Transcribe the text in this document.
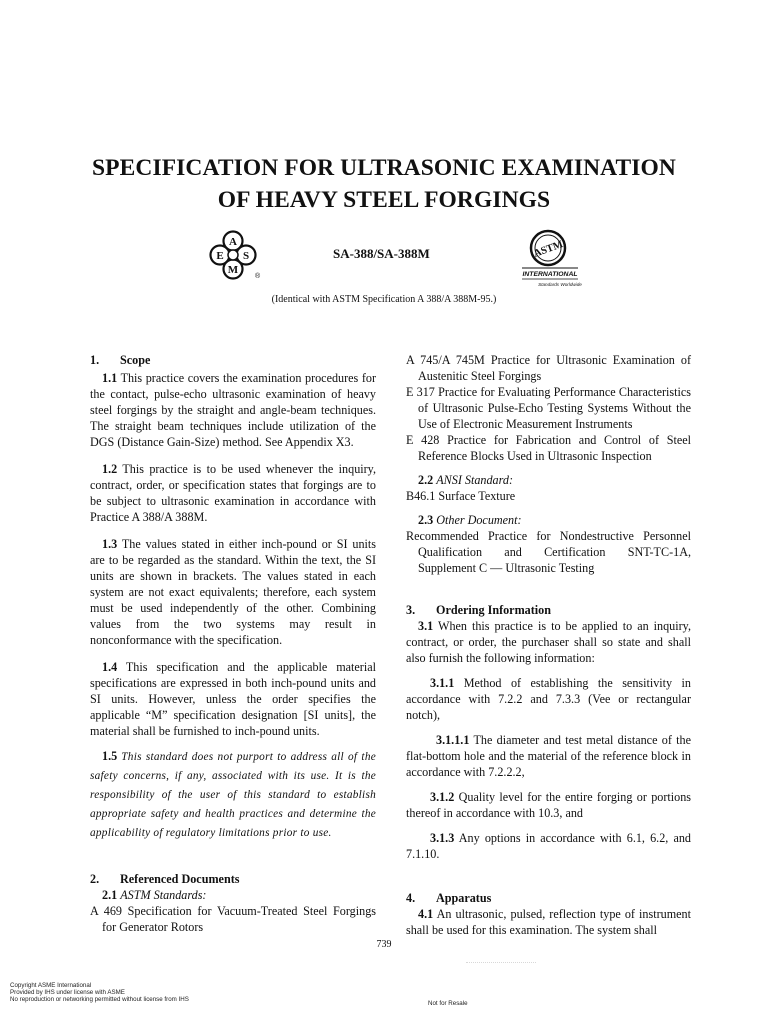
SPECIFICATION FOR ULTRASONIC EXAMINATION
OF HEAVY STEEL FORGINGS
A
E S
M
®
SA-388/SA-388M	ASTM
INTERNATIONAL
Standards Worldwide
(Identical with ASTM Specification A 388/A 388M-95.)

1. Scope

1.1 This practice covers the examination procedures for the contact, pulse-echo ultrasonic examination of heavy steel forgings by the straight and angle-beam techniques. The straight beam techniques include utilization of the DGS (Distance Gain-Size) method. See Appendix X3.

1.2 This practice is to be used whenever the inquiry, contract, order, or specification states that forgings are to be subject to ultrasonic examination in accordance with Practice A 388/A 388M.

1.3 The values stated in either inch-pound or SI units are to be regarded as the standard. Within the text, the SI units are shown in brackets. The values stated in each system are not exact equivalents; therefore, each system must be used independently of the other. Combining values from the two systems may result in nonconformance with the specification.

1.4 This specification and the applicable material specifications are expressed in both inch-pound units and SI units. However, unless the order specifies the applicable “M” specification designation [SI units], the material shall be furnished to inch-pound units.

1.5 This standard does not purport to address all of the safety concerns, if any, associated with its use. It is the responsibility of the user of this standard to establish appropriate safety and health practices and determine the applicability of regulatory limitations prior to use.

2. Referenced Documents

2.1 ASTM Standards:

A 469 Specification for Vacuum-Treated Steel Forgings for Generator Rotors

A 745/A 745M Practice for Ultrasonic Examination of Austenitic Steel Forgings

E 317 Practice for Evaluating Performance Characteristics of Ultrasonic Pulse-Echo Testing Systems Without the Use of Electronic Measurement Instruments

E 428 Practice for Fabrication and Control of Steel Reference Blocks Used in Ultrasonic Inspection

2.2 ANSI Standard:

B46.1 Surface Texture

2.3 Other Document:

Recommended Practice for Nondestructive Personnel Qualification and Certification SNT-TC-1A, Supplement C — Ultrasonic Testing

3. Ordering Information

3.1 When this practice is to be applied to an inquiry, contract, or order, the purchaser shall so state and shall also furnish the following information:

3.1.1 Method of establishing the sensitivity in accordance with 7.2.2 and 7.3.3 (Vee or rectangular notch),

3.1.1.1 The diameter and test metal distance of the flat-bottom hole and the material of the reference block in accordance with 7.2.2.2,

3.1.2 Quality level for the entire forging or portions thereof in accordance with 10.3, and

3.1.3 Any options in accordance with 6.1, 6.2, and 7.1.10.

4. Apparatus

4.1 An ultrasonic, pulsed, reflection type of instrument shall be used for this examination. The system shall

739
Copyright ASME International
Provided by IHS under license with ASME
No reproduction or networking permitted without license from IHS
Not for Resale
